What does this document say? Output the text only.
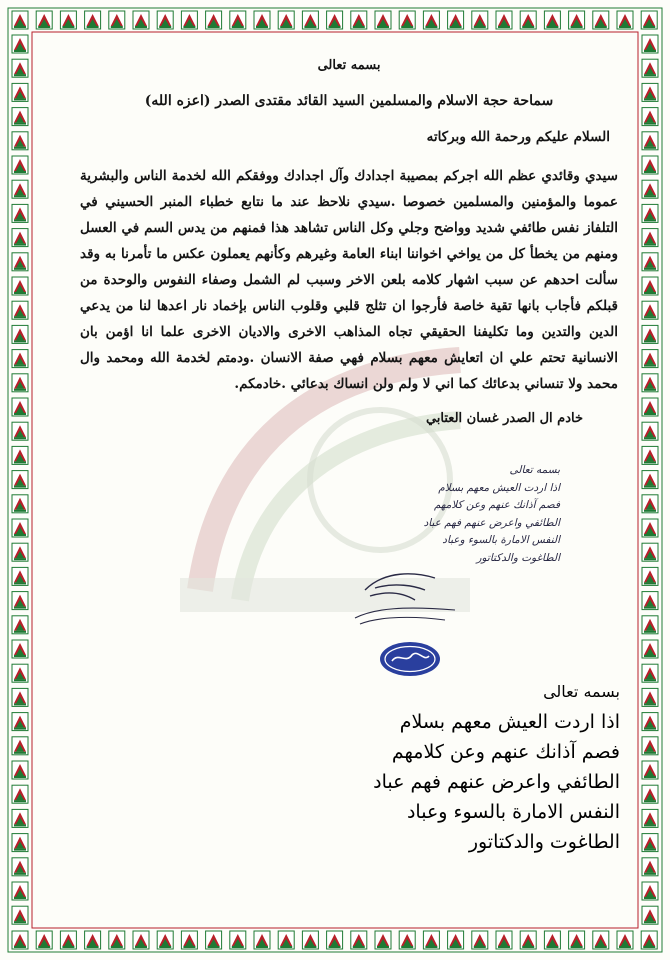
بسمه تعالى
سماحة حجة الاسلام والمسلمين السيد القائد مقتدى الصدر (اعزه الله)
السلام عليكم ورحمة الله وبركاته

سيدي وقائدي عظم الله اجركم بمصيبة اجدادك وآل اجدادك ووفقكم الله لخدمة الناس والبشرية عموما والمؤمنين والمسلمين خصوصا .سيدي نلاحظ عند ما نتابع خطباء المنبر الحسيني في التلفاز نفس طائفي شديد وواضح وجلي وكل الناس تشاهد هذا فمنهم من يدس السم في العسل ومنهم من يخطأ كل من يواخي اخواننا ابناء العامة وغيرهم وكأنهم يعملون عكس ما تأمرنا به وقد سألت احدهم عن سبب اشهار كلامه بلعن الاخر وسبب لم الشمل وصفاء النفوس والوحدة من قبلكم فأجاب بانها تقية خاصة فأرجوا ان تثلج قلبي وقلوب الناس بإخماد نار اعدها لنا من يدعي الدين والتدين وما تكليفنا الحقيقي تجاه المذاهب الاخرى والاديان الاخرى علما انا اؤمن بان الانسانية تحتم علي ان اتعايش معهم بسلام فهي صفة الانسان .ودمتم لخدمة الله ومحمد وال محمد ولا تنساني بدعائك كما اني لا ولم ولن انساك بدعائي .خادمكم.

خادم ال الصدر غسان العتابي
بسمه تعالى
اذا اردت العيش معهم بسلام
فصم آذانك عنهم وعن كلامهم
الطائفي واعرض عنهم فهم عباد
النفس الامارة بالسوء وعباد
الطاغوت والدكتاتور
بسمه تعالى
اذا اردت العيش معهم بسلام
فصم آذانك عنهم وعن كلامهم
الطائفي واعرض عنهم فهم عباد
النفس الامارة بالسوء وعباد
الطاغوت والدكتاتور
